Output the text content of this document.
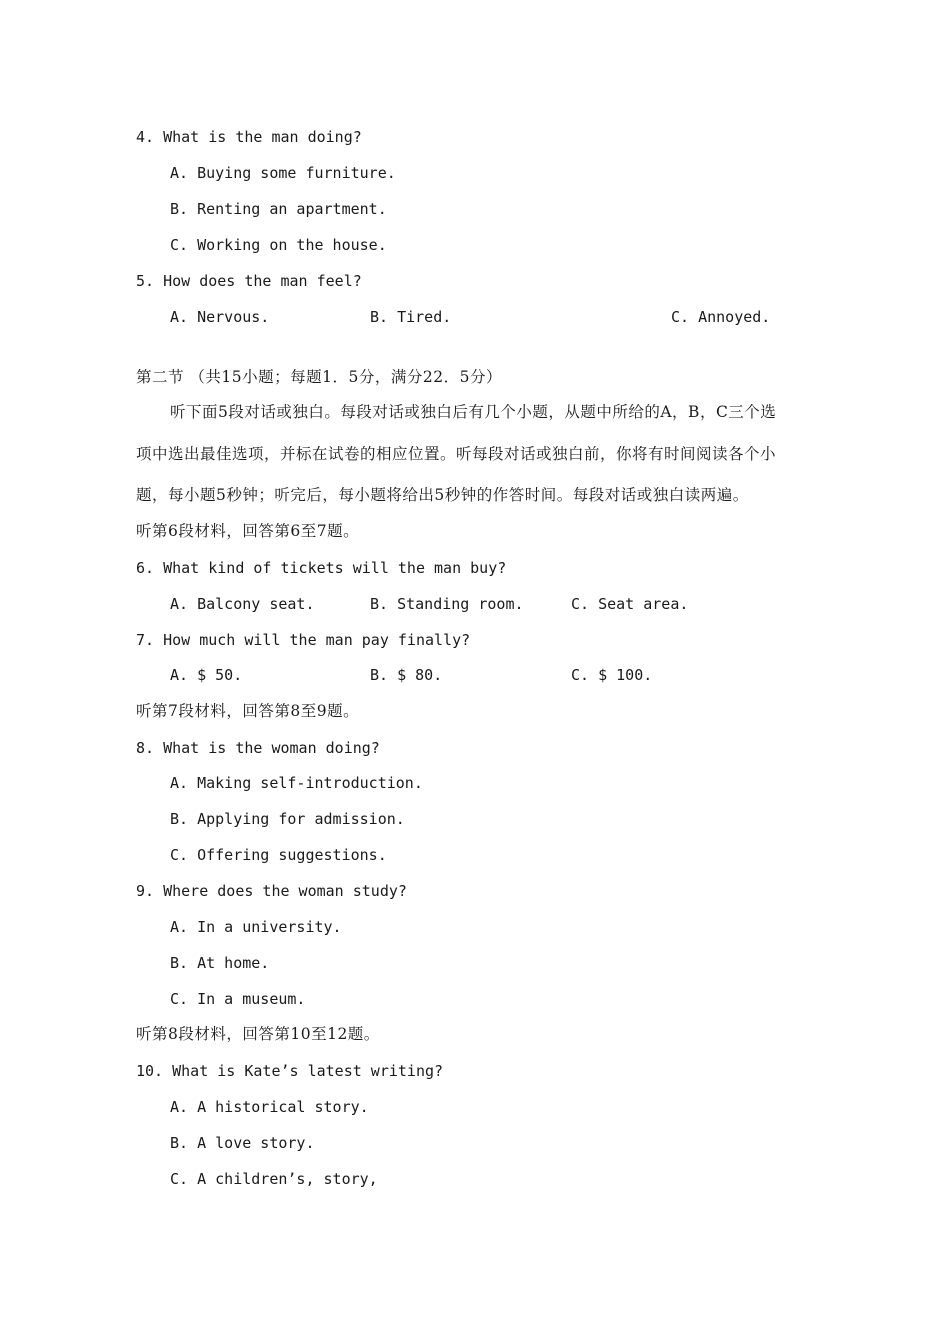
4. What is the man doing?
A. Buying some furniture.
B. Renting an apartment.
C. Working on the house.
5. How does the man feel?
A. Nervous.	B. Tired.	C. Annoyed.
第二节 （共15小题；每题1．5分，满分22．5分）
听下面5段对话或独白。每段对话或独白后有几个小题，从题中所给的A，B，C三个选
项中选出最佳选项，并标在试卷的相应位置。听每段对话或独白前，你将有时间阅读各个小
题，每小题5秒钟；听完后，每小题将给出5秒钟的作答时间。每段对话或独白读两遍。
听第6段材料，回答第6至7题。
6. What kind of tickets will the man buy?
A. Balcony seat.	B. Standing room.	C. Seat area.
7. How much will the man pay finally?
A. $ 50.	B. $ 80.	C. $ 100.
听第7段材料，回答第8至9题。
8. What is the woman doing?
A. Making self-introduction.
B. Applying for admission.
C. Offering suggestions.
9. Where does the woman study?
A. In a university.
B. At home.
C. In a museum.
听第8段材料，回答第10至12题。
10. What is Kate’s latest writing?
A. A historical story.
B. A love story.
C. A children’s, story,
